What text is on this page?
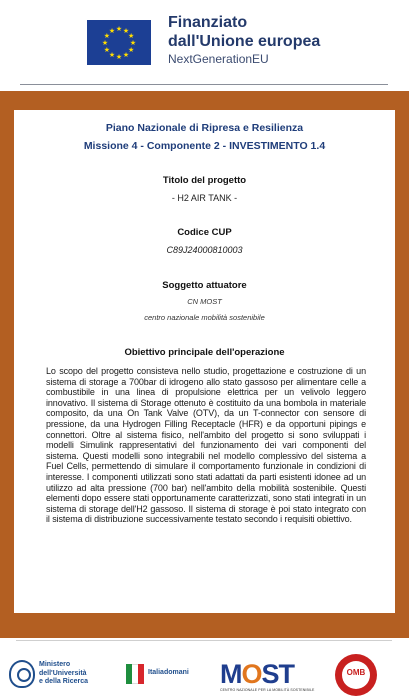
★ ★
★
★
★
★
★
★
★
★
★
★
Finanziato
dall'Unione europea
NextGenerationEU
Piano Nazionale di Ripresa e Resilienza
Missione 4 - Componente 2 - INVESTIMENTO 1.4
Titolo del progetto
- H2 AIR TANK -
Codice CUP
C89J24000810003
Soggetto attuatore
CN MOST
centro nazionale mobilità sostenibile
Obiettivo principale dell'operazione
Lo scopo del progetto consisteva nello studio, progettazione e costruzione di un sistema di storage a 700bar di idrogeno allo stato gassoso per alimentare celle a combustibile in una linea di propulsione elettrica per un velivolo leggero innovativo. Il sistema di Storage ottenuto è costituito da una bombola in materiale composito, da una On Tank Valve (OTV), da un T-connector con sensore di pressione, da una Hydrogen Filling Receptacle (HFR) e da opportuni pipings e connettori. Oltre al sistema fisico, nell'ambito del progetto si sono sviluppati i modelli Simulink rappresentativi del funzionamento dei vari componenti del sistema. Questi modelli sono integrabili nel modello complessivo del sistema a Fuel Cells, permettendo di simulare il comportamento funzionale in condizioni di interesse. I componenti utilizzati sono stati adattati da parti esistenti idonee ad un utilizzo ad alta pressione (700 bar) nell'ambito della mobilità sostenibile. Questi elementi dopo essere stati opportunamente caratterizzati, sono stati integrati in un sistema di storage dell'H2 gassoso. Il sistema di storage è poi stato integrato con il sistema di distribuzione successivamente testato secondo i requisiti obiettivo.
Ministero
dell'Università
e della Ricerca
Italiadomani MOST
CENTRO NAZIONALE PER LA MOBILITÀ SOSTENIBILE
OMB
